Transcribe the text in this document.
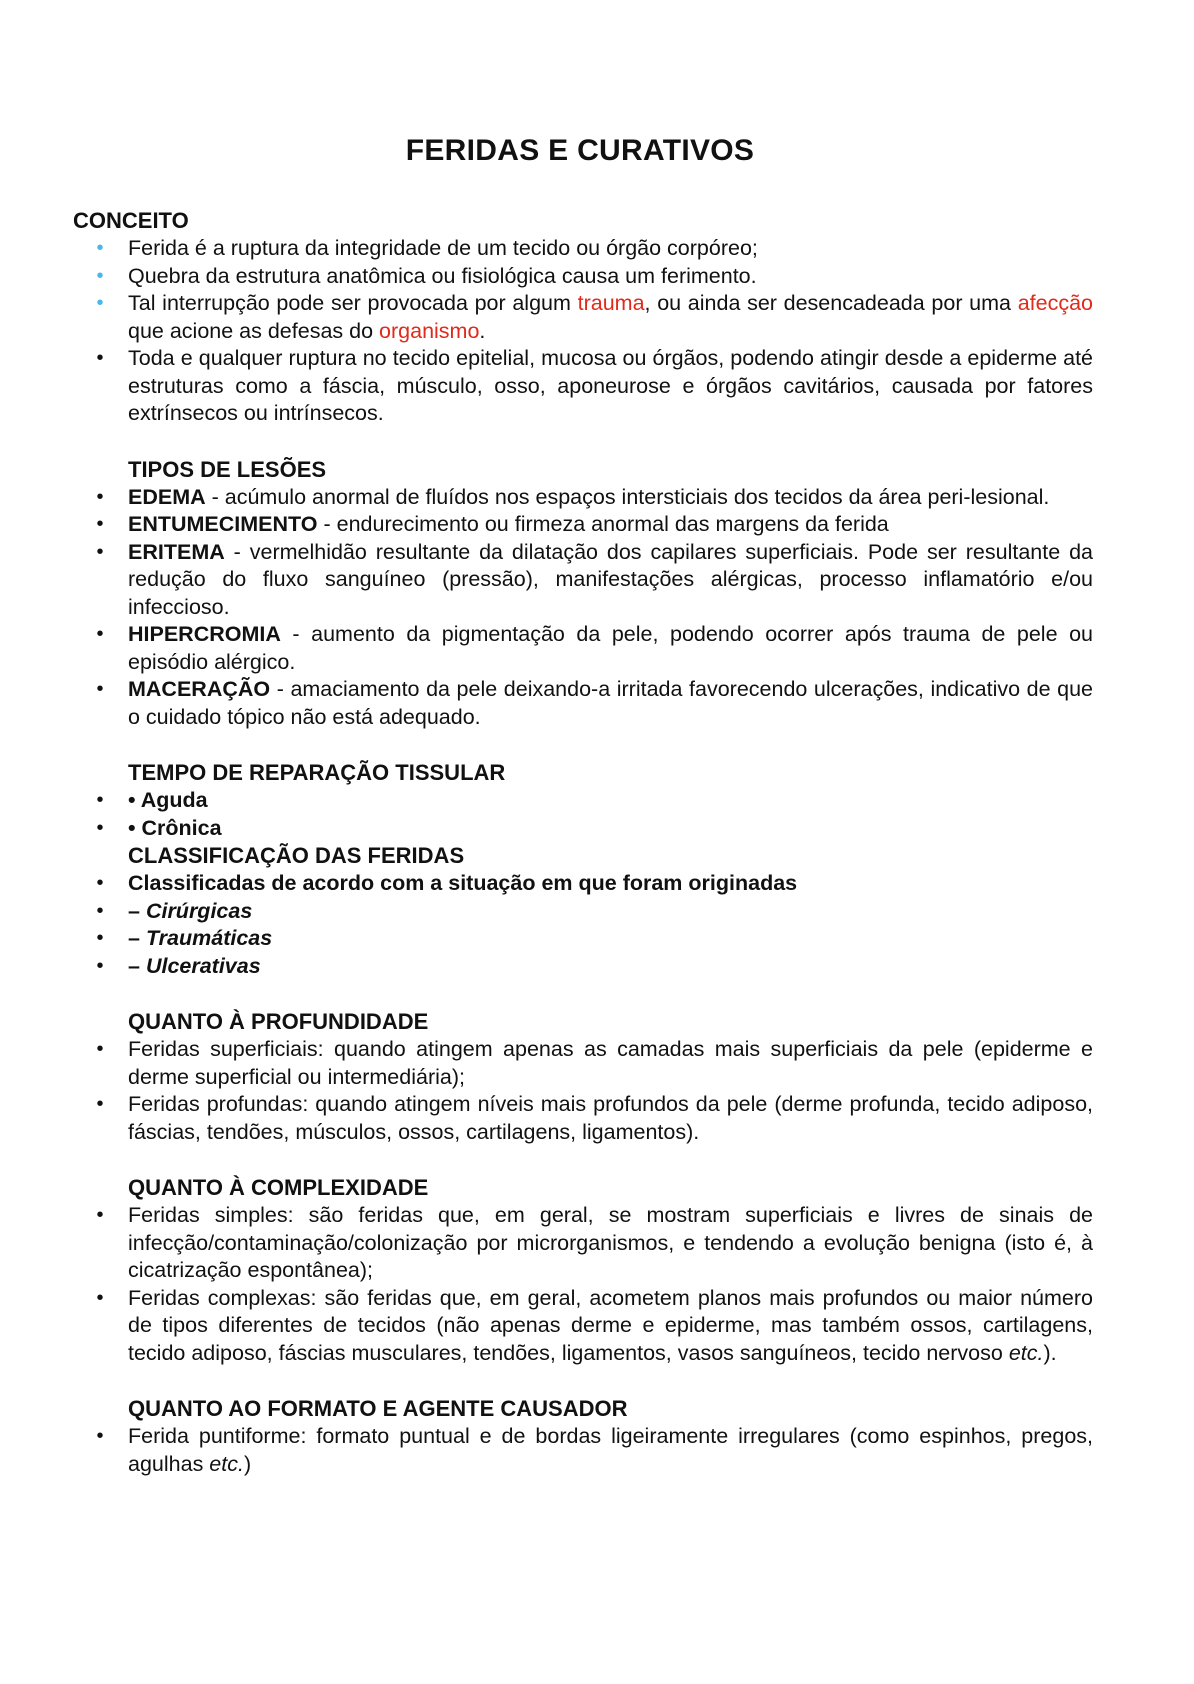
FERIDAS E CURATIVOS
CONCEITO
• Ferida é a ruptura da integridade de um tecido ou órgão corpóreo;
• Quebra da estrutura anatômica ou fisiológica causa um ferimento.
• Tal interrupção pode ser provocada por algum trauma, ou ainda ser desencadeada por uma afecção que acione as defesas do organismo.
• Toda e qualquer ruptura no tecido epitelial, mucosa ou órgãos, podendo atingir desde a epiderme até estruturas como a fáscia, músculo, osso, aponeurose e órgãos cavitários, causada por fatores extrínsecos ou intrínsecos.
TIPOS DE LESÕES
• EDEMA - acúmulo anormal de fluídos nos espaços intersticiais dos tecidos da área peri-lesional.
• ENTUMECIMENTO - endurecimento ou firmeza anormal das margens da ferida
• ERITEMA - vermelhidão resultante da dilatação dos capilares superficiais. Pode ser resultante da redução do fluxo sanguíneo (pressão), manifestações alérgicas, processo inflamatório e/ou infeccioso.
• HIPERCROMIA - aumento da pigmentação da pele, podendo ocorrer após trauma de pele ou episódio alérgico.
• MACERAÇÃO - amaciamento da pele deixando-a irritada favorecendo ulcerações, indicativo de que o cuidado tópico não está adequado.
TEMPO DE REPARAÇÃO TISSULAR
• • Aguda
• • Crônica
CLASSIFICAÇÃO DAS FERIDAS
• Classificadas de acordo com a situação em que foram originadas
• – Cirúrgicas
• – Traumáticas
• – Ulcerativas
QUANTO À PROFUNDIDADE
• Feridas superficiais: quando atingem apenas as camadas mais superficiais da pele (epiderme e derme superficial ou intermediária);
• Feridas profundas: quando atingem níveis mais profundos da pele (derme profunda, tecido adiposo, fáscias, tendões, músculos, ossos, cartilagens, ligamentos).
QUANTO À COMPLEXIDADE
• Feridas simples: são feridas que, em geral, se mostram superficiais e livres de sinais de infecção/contaminação/colonização por microrganismos, e tendendo a evolução benigna (isto é, à cicatrização espontânea);
• Feridas complexas: são feridas que, em geral, acometem planos mais profundos ou maior número de tipos diferentes de tecidos (não apenas derme e epiderme, mas também ossos, cartilagens, tecido adiposo, fáscias musculares, tendões, ligamentos, vasos sanguíneos, tecido nervoso etc.).
QUANTO AO FORMATO E AGENTE CAUSADOR
• Ferida puntiforme: formato puntual e de bordas ligeiramente irregulares (como espinhos, pregos, agulhas etc.)
